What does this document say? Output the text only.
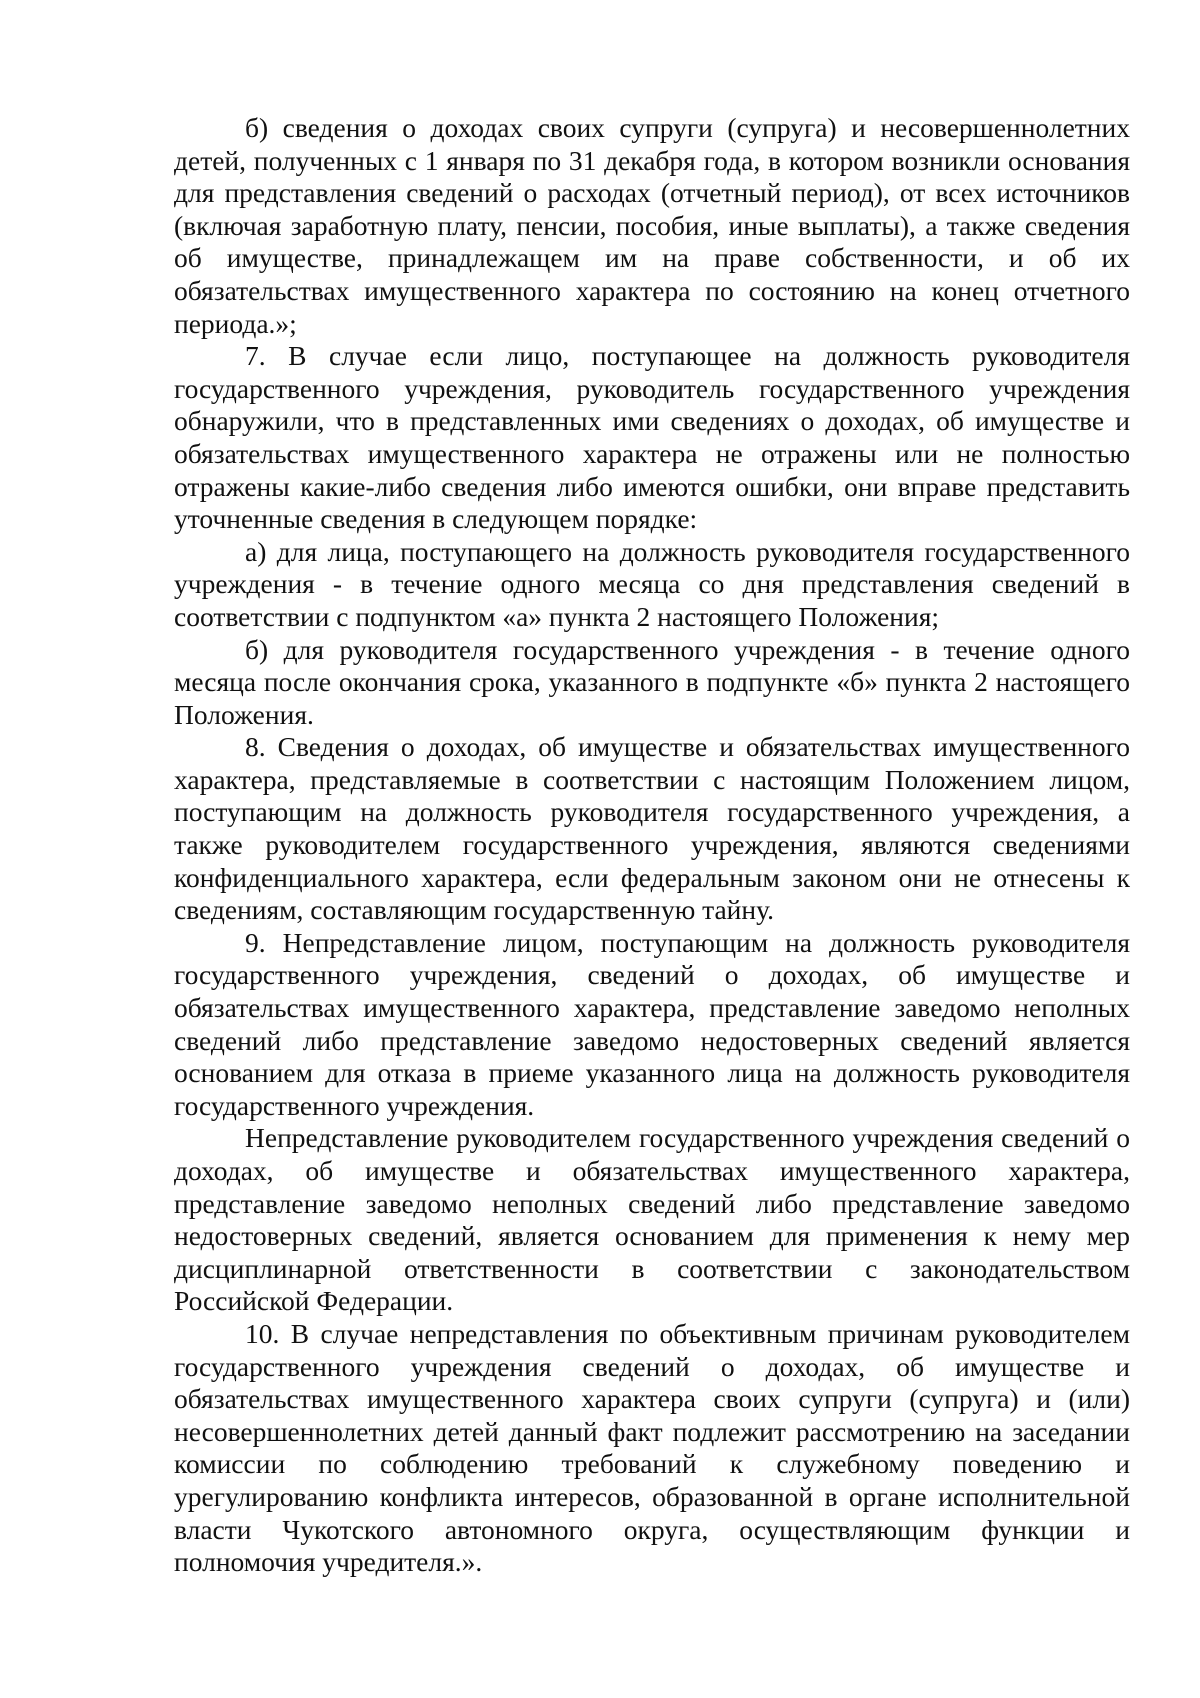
б) сведения о доходах своих супруги (супруга) и несовершеннолетних детей, полученных с 1 января по 31 декабря года, в котором возникли основания для представления сведений о расходах (отчетный период), от всех источников (включая заработную плату, пенсии, пособия, иные выплаты), а также сведения об имуществе, принадлежащем им на праве собственности, и об их обязательствах имущественного характера по состоянию на конец отчетного периода.»;

7. В случае если лицо, поступающее на должность руководителя государственного учреждения, руководитель государственного учреждения обнаружили, что в представленных ими сведениях о доходах, об имуществе и обязательствах имущественного характера не отражены или не полностью отражены какие-либо сведения либо имеются ошибки, они вправе представить уточненные сведения в следующем порядке:

а) для лица, поступающего на должность руководителя государственного учреждения - в течение одного месяца со дня представления сведений в соответствии с подпунктом «а» пункта 2 настоящего Положения;

б) для руководителя государственного учреждения - в течение одного месяца после окончания срока, указанного в подпункте «б» пункта 2 настоящего Положения.

8. Сведения о доходах, об имуществе и обязательствах имущественного характера, представляемые в соответствии с настоящим Положением лицом, поступающим на должность руководителя государственного учреждения, а также руководителем государственного учреждения, являются сведениями конфиденциального характера, если федеральным законом они не отнесены к сведениям, составляющим государственную тайну.

9. Непредставление лицом, поступающим на должность руководителя государственного учреждения, сведений о доходах, об имуществе и обязательствах имущественного характера, представление заведомо неполных сведений либо представление заведомо недостоверных сведений является основанием для отказа в приеме указанного лица на должность руководителя государственного учреждения.

Непредставление руководителем государственного учреждения сведений о доходах, об имуществе и обязательствах имущественного характера, представление заведомо неполных сведений либо представление заведомо недостоверных сведений, является основанием для применения к нему мер дисциплинарной ответственности в соответствии с законодательством Российской Федерации.

10. В случае непредставления по объективным причинам руководителем государственного учреждения сведений о доходах, об имуществе и обязательствах имущественного характера своих супруги (супруга) и (или) несовершеннолетних детей данный факт подлежит рассмотрению на заседании комиссии по соблюдению требований к служебному поведению и урегулированию конфликта интересов, образованной в органе исполнительной власти Чукотского автономного округа, осуществляющим функции и полномочия учредителя.».
